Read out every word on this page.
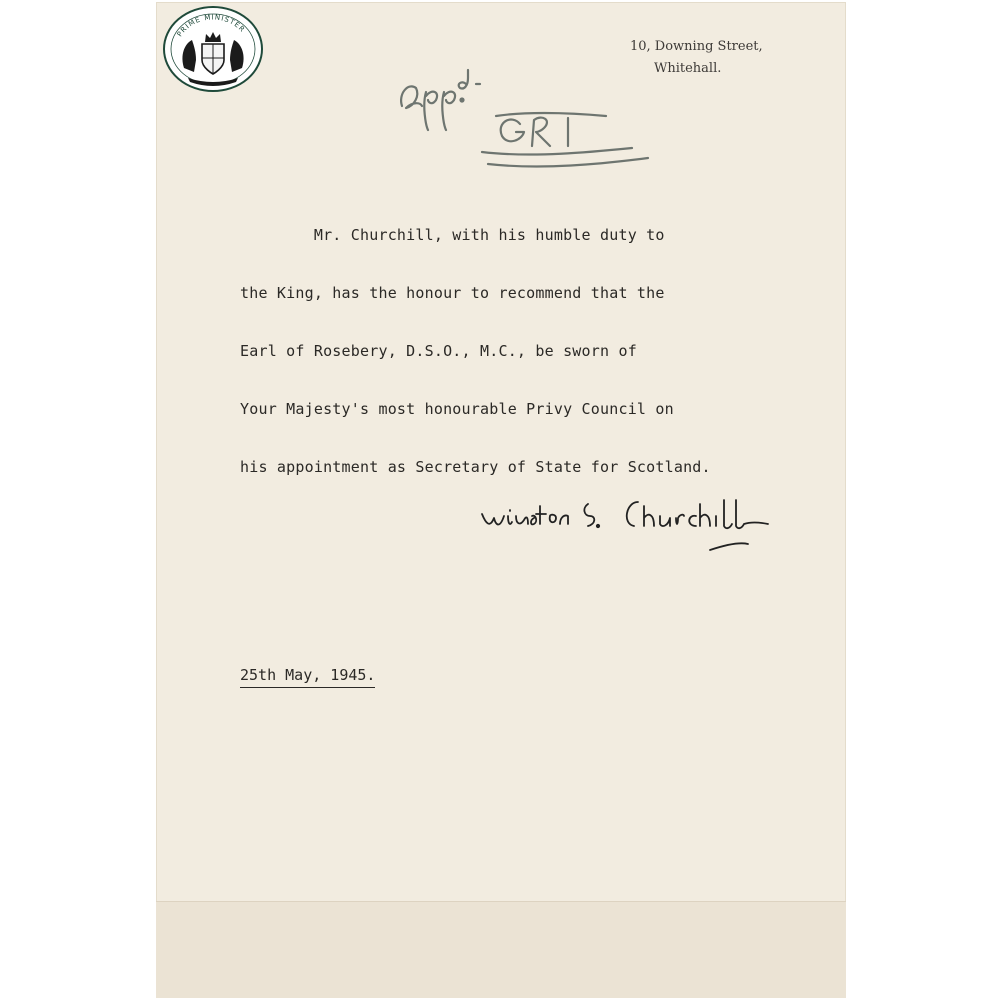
PRIME MINISTER
10, Downing Street,
Whitehall.
Mr. Churchill, with his humble duty to
the King, has the honour to recommend that the
Earl of Rosebery, D.S.O., M.C., be sworn of
Your Majesty's most honourable Privy Council on
his appointment as Secretary of State for Scotland.
25th May, 1945.
